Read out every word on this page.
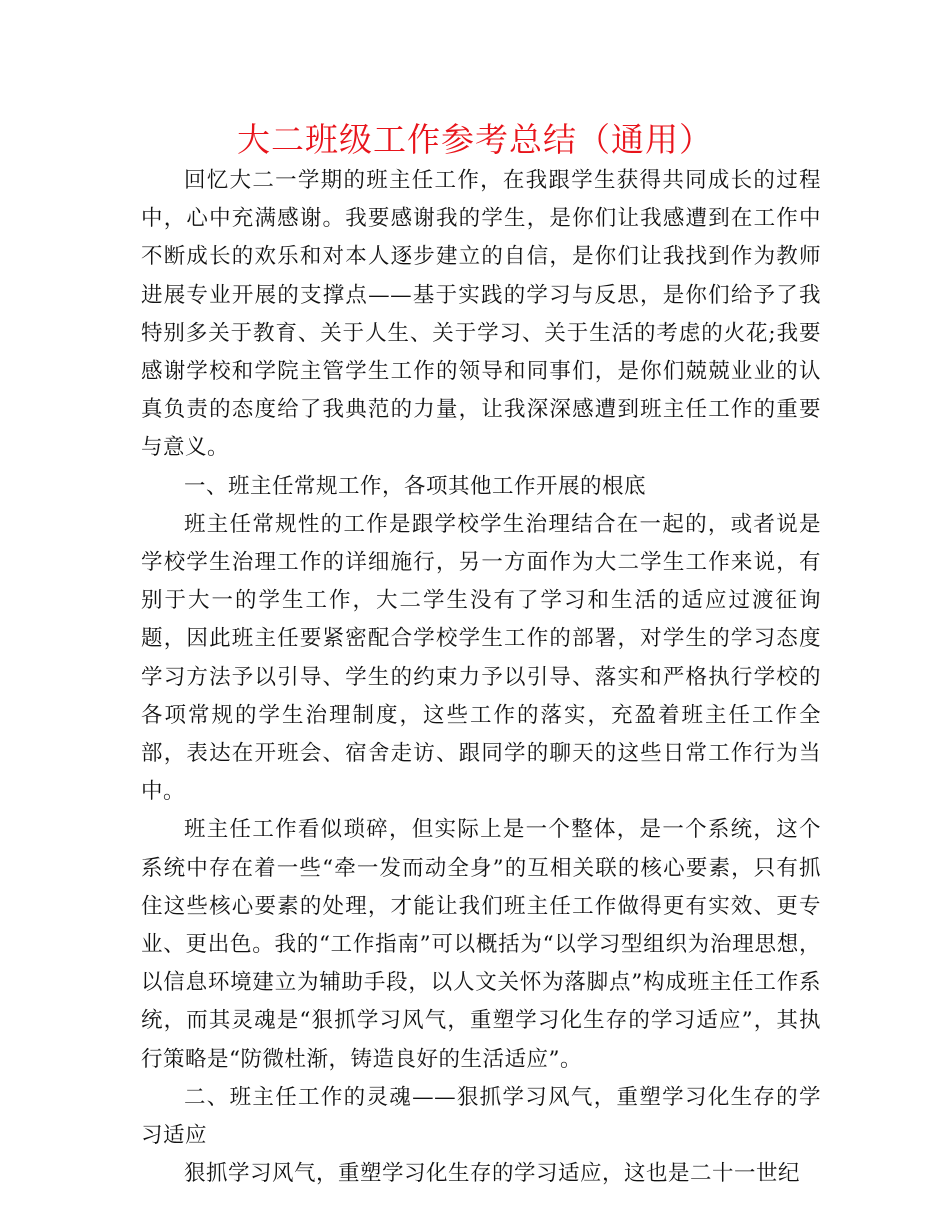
大二班级工作参考总结（通用）

回忆大二一学期的班主任工作，在我跟学生获得共同成长的过程中，心中充满感谢。我要感谢我的学生，是你们让我感遭到在工作中不断成长的欢乐和对本人逐步建立的自信，是你们让我找到作为教师进展专业开展的支撑点——基于实践的学习与反思，是你们给予了我特别多关于教育、关于人生、关于学习、关于生活的考虑的火花;我要感谢学校和学院主管学生工作的领导和同事们，是你们兢兢业业的认真负责的态度给了我典范的力量，让我深深感遭到班主任工作的重要与意义。

一、班主任常规工作，各项其他工作开展的根底

班主任常规性的工作是跟学校学生治理结合在一起的，或者说是学校学生治理工作的详细施行，另一方面作为大二学生工作来说，有别于大一的学生工作，大二学生没有了学习和生活的适应过渡征询题，因此班主任要紧密配合学校学生工作的部署，对学生的学习态度学习方法予以引导、学生的约束力予以引导、落实和严格执行学校的各项常规的学生治理制度，这些工作的落实，充盈着班主任工作全部，表达在开班会、宿舍走访、跟同学的聊天的这些日常工作行为当中。

班主任工作看似琐碎，但实际上是一个整体，是一个系统，这个系统中存在着一些“牵一发而动全身”的互相关联的核心要素，只有抓住这些核心要素的处理，才能让我们班主任工作做得更有实效、更专业、更出色。我的“工作指南”可以概括为“以学习型组织为治理思想，以信息环境建立为辅助手段，以人文关怀为落脚点”构成班主任工作系统，而其灵魂是“狠抓学习风气，重塑学习化生存的学习适应”，其执行策略是“防微杜渐，铸造良好的生活适应”。

二、班主任工作的灵魂——狠抓学习风气，重塑学习化生存的学习适应

狠抓学习风气，重塑学习化生存的学习适应，这也是二十一世纪
